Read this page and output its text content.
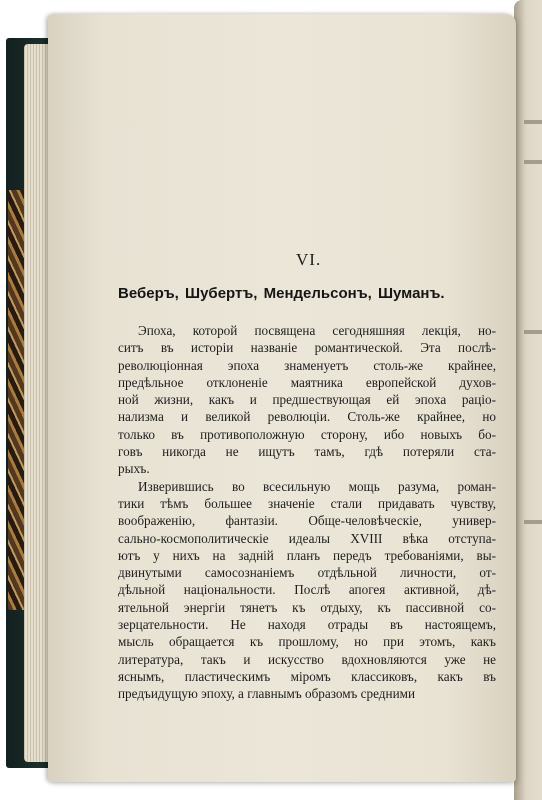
VI.
Веберъ, Шубертъ, Мендельсонъ, Шуманъ.
Эпоха, которой посвящена сегодняшняя лекція, но-
ситъ въ исторіи названіе романтической. Эта послѣ-
революціонная эпоха знаменуетъ столь-же крайнее,
предѣльное отклоненіе маятника европейской духов-
ной жизни, какъ и предшествующая ей эпоха раціо-
нализма и великой революціи. Столь-же крайнее, но
только въ противоположную сторону, ибо новыхъ бо-
говъ никогда не ищутъ тамъ, гдѣ потеряли ста-
рыхъ.
Изверившись во всесильную мощь разума, роман-
тики тѣмъ большее значеніе стали придавать чувству,
воображенію, фантазіи. Обще-человѣческіе, универ-
сально-космополитическіе идеалы XVIII вѣка отступа-
ютъ у нихъ на задній планъ передъ требованіями, вы-
двинутыми самосознаніемъ отдѣльной личности, от-
дѣльной національности. Послѣ апогея активной, дѣ-
ятельной энергіи тянетъ къ отдыху, къ пассивной со-
зерцательности. Не находя отрады въ настоящемъ,
мысль обращается къ прошлому, но при этомъ, какъ
литература, такъ и искусство вдохновляются уже не
яснымъ, пластическимъ міромъ классиковъ, какъ въ
предъидущую эпоху, а главнымъ образомъ средними
